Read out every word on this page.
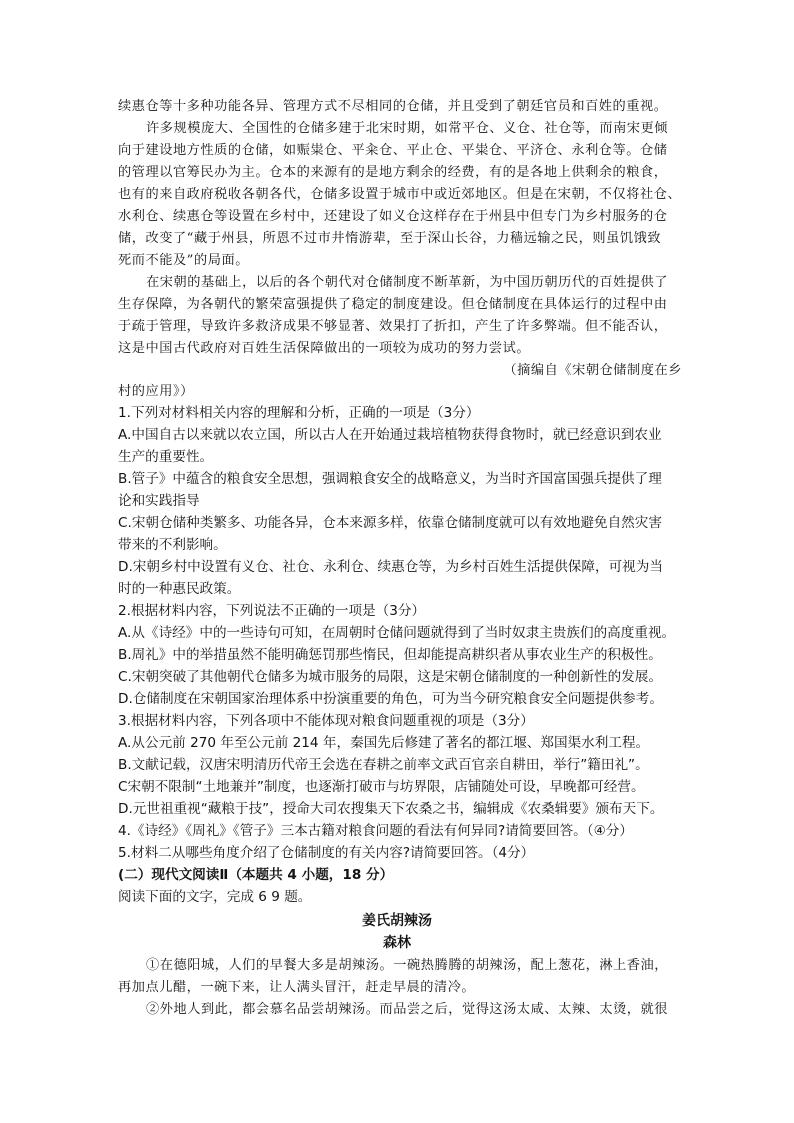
续惠仓等十多种功能各异、管理方式不尽相同的仓储，并且受到了朝廷官员和百姓的重视。
许多规模庞大、全国性的仓储多建于北宋时期，如常平仓、义仓、社仓等，而南宋更倾
向于建设地方性质的仓储，如赈粜仓、平籴仓、平止仓、平粜仓、平济仓、永利仓等。仓储
的管理以官筹民办为主。仓本的来源有的是地方剩余的经费，有的是各地上供剩余的粮食，
也有的来自政府税收各朝各代，仓储多设置于城市中或近郊地区。但是在宋朝，不仅将社仓、
水利仓、续惠仓等设置在乡村中，还建设了如义仓这样存在于州县中但专门为乡村服务的仓
储，改变了“藏于州县，所恩不过市井惰游辈，至于深山长谷，力穑远输之民，则虽饥饿致
死而不能及”的局面。
在宋朝的基础上，以后的各个朝代对仓储制度不断革新，为中国历朝历代的百姓提供了
生存保障，为各朝代的繁荣富强提供了稳定的制度建设。但仓储制度在具体运行的过程中由
于疏于管理，导致许多救济成果不够显著、效果打了折扣，产生了许多弊端。但不能否认，
这是中国古代政府对百姓生活保障做出的一项较为成功的努力尝试。
（摘编自《宋朝仓储制度在乡
村的应用》）
1.下列对材料相关内容的理解和分析，正确的一项是（3分）
A.中国自古以来就以农立国，所以古人在开始通过栽培植物获得食物时，就已经意识到农业
生产的重要性。
B.管子》中蕴含的粮食安全思想，强调粮食安全的战略意义，为当时齐国富国强兵提供了理
论和实践指导
C.宋朝仓储种类繁多、功能各异，仓本来源多样，依靠仓储制度就可以有效地避免自然灾害
带来的不利影响。
D.宋朝乡村中设置有义仓、社仓、永利仓、续惠仓等，为乡村百姓生活提供保障，可视为当
时的一种惠民政策。
2.根据材料内容，下列说法不正确的一项是（3分）
A.从《诗经》中的一些诗句可知，在周朝时仓储问题就得到了当时奴隶主贵族们的高度重视。
B.周礼》中的举措虽然不能明确惩罚那些惰民，但却能提高耕织者从事农业生产的积极性。
C.宋朝突破了其他朝代仓储多为城市服务的局限，这是宋朝仓储制度的一种创新性的发展。
D.仓储制度在宋朝国家治理体系中扮演重要的角色，可为当今研究粮食安全问题提供参考。
3.根据材料内容，下列各项中不能体现对粮食问题重视的项是（3分）
A.从公元前 270 年至公元前 214 年，秦国先后修建了著名的都江堰、郑国渠水利工程。
B.文献记载，汉唐宋明清历代帝王会选在春耕之前率文武百官亲自耕田，举行”籍田礼”。
C宋朝不限制“土地兼并”制度，也逐渐打破市与坊界限，店铺随处可设，早晚都可经营。
D.元世祖重视“藏粮于技”，授命大司农搜集天下农桑之书，编辑成《农桑辑要》颁布天下。
4.《诗经》《周礼》《管子》三本古籍对粮食问题的看法有何异同?请简要回答。（④分）
5.材料二从哪些角度介绍了仓储制度的有关内容?请简要回答。（4分）
(二）现代文阅读Ⅱ（本题共 4 小题，18 分）
阅读下面的文字，完成 6 9 题。
姜氏胡辣汤
森林
①在德阳城，人们的早餐大多是胡辣汤。一碗热腾腾的胡辣汤，配上葱花，淋上香油，
再加点儿醋，一碗下来，让人满头冒汗，赶走早晨的清冷。
②外地人到此，都会慕名品尝胡辣汤。而品尝之后，觉得这汤太咸、太辣、太烫，就很
